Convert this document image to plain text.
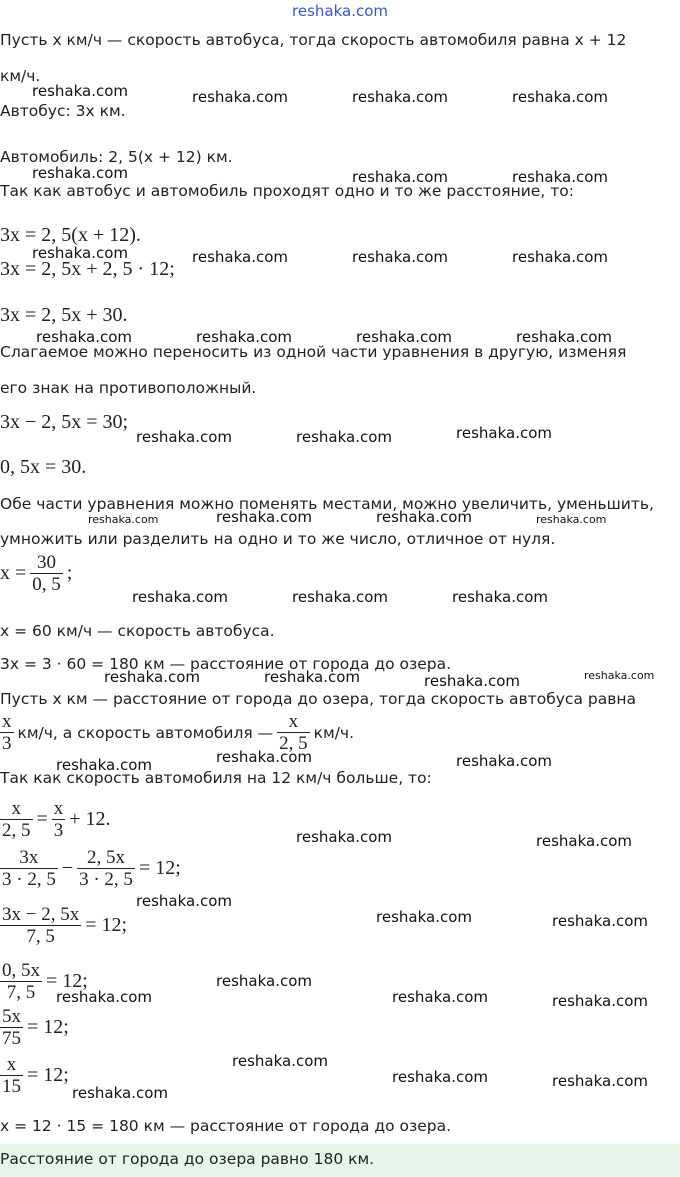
reshaka.com
Пусть x км/ч — скорость автобуса, тогда скорость автомобиля равна x + 12
км/ч.
Автобус: 3x км.
Автомобиль: 2, 5(x + 12) км.
Так как автобус и автомобиль проходят одно и то же расстояние, то:
3x = 2, 5(x + 12).
3x = 2, 5x + 2, 5 · 12;
3x = 2, 5x + 30.
Слагаемое можно переносить из одной части уравнения в другую, изменяя
его знак на противоположный.
3x − 2, 5x = 30;
0, 5x = 30.
Обе части уравнения можно поменять местами, можно увеличить, уменьшить,
умножить или разделить на одно и то же число, отличное от нуля.
$x = \frac{30}{0, 5}$ ;
x = 60 км/ч — скорость автобуса.
3x = 3 · 60 = 180 км — расстояние от города до озера.
Пусть x км — расстояние от города до озера, тогда скорость автобуса равна
$\frac{x}{3} км/ч$, а скорость автомобиля — $\frac{x}{2, 5} км/ч$.
Так как скорость автомобиля на 12 км/ч больше, то:
$\frac{x}{2, 5} = \frac{x}{3} + 12$.
$\frac{3x}{3 \cdot 2, 5} - \frac{2, 5x}{3 \cdot 2, 5} = 12$;
$\frac{3x - 2, 5x}{7, 5} = 12$;
$\frac{0, 5x}{7, 5} = 12$;
$\frac{5x}{75} = 12$;
$\frac{x}{15} = 12$;
x = 12 · 15 = 180 км — расстояние от города до озера.
Расстояние от города до озера равно 180 км.
reshaka.com	reshaka.com	reshaka.com	reshaka.com
reshaka.com	reshaka.com	reshaka.com
reshaka.com	reshaka.com	reshaka.com	reshaka.com
reshaka.com	reshaka.com	reshaka.com	reshaka.com
reshaka.com	reshaka.com	reshaka.com
reshaka.com	reshaka.com	reshaka.com	reshaka.com
reshaka.com	reshaka.com	reshaka.com
reshaka.com	reshaka.com	reshaka.com	reshaka.com
reshaka.com	reshaka.com	reshaka.com
reshaka.com	reshaka.com
reshaka.com
reshaka.com	reshaka.com
reshaka.com
reshaka.com	reshaka.com	reshaka.com
reshaka.com
reshaka.com
reshaka.com	reshaka.com
